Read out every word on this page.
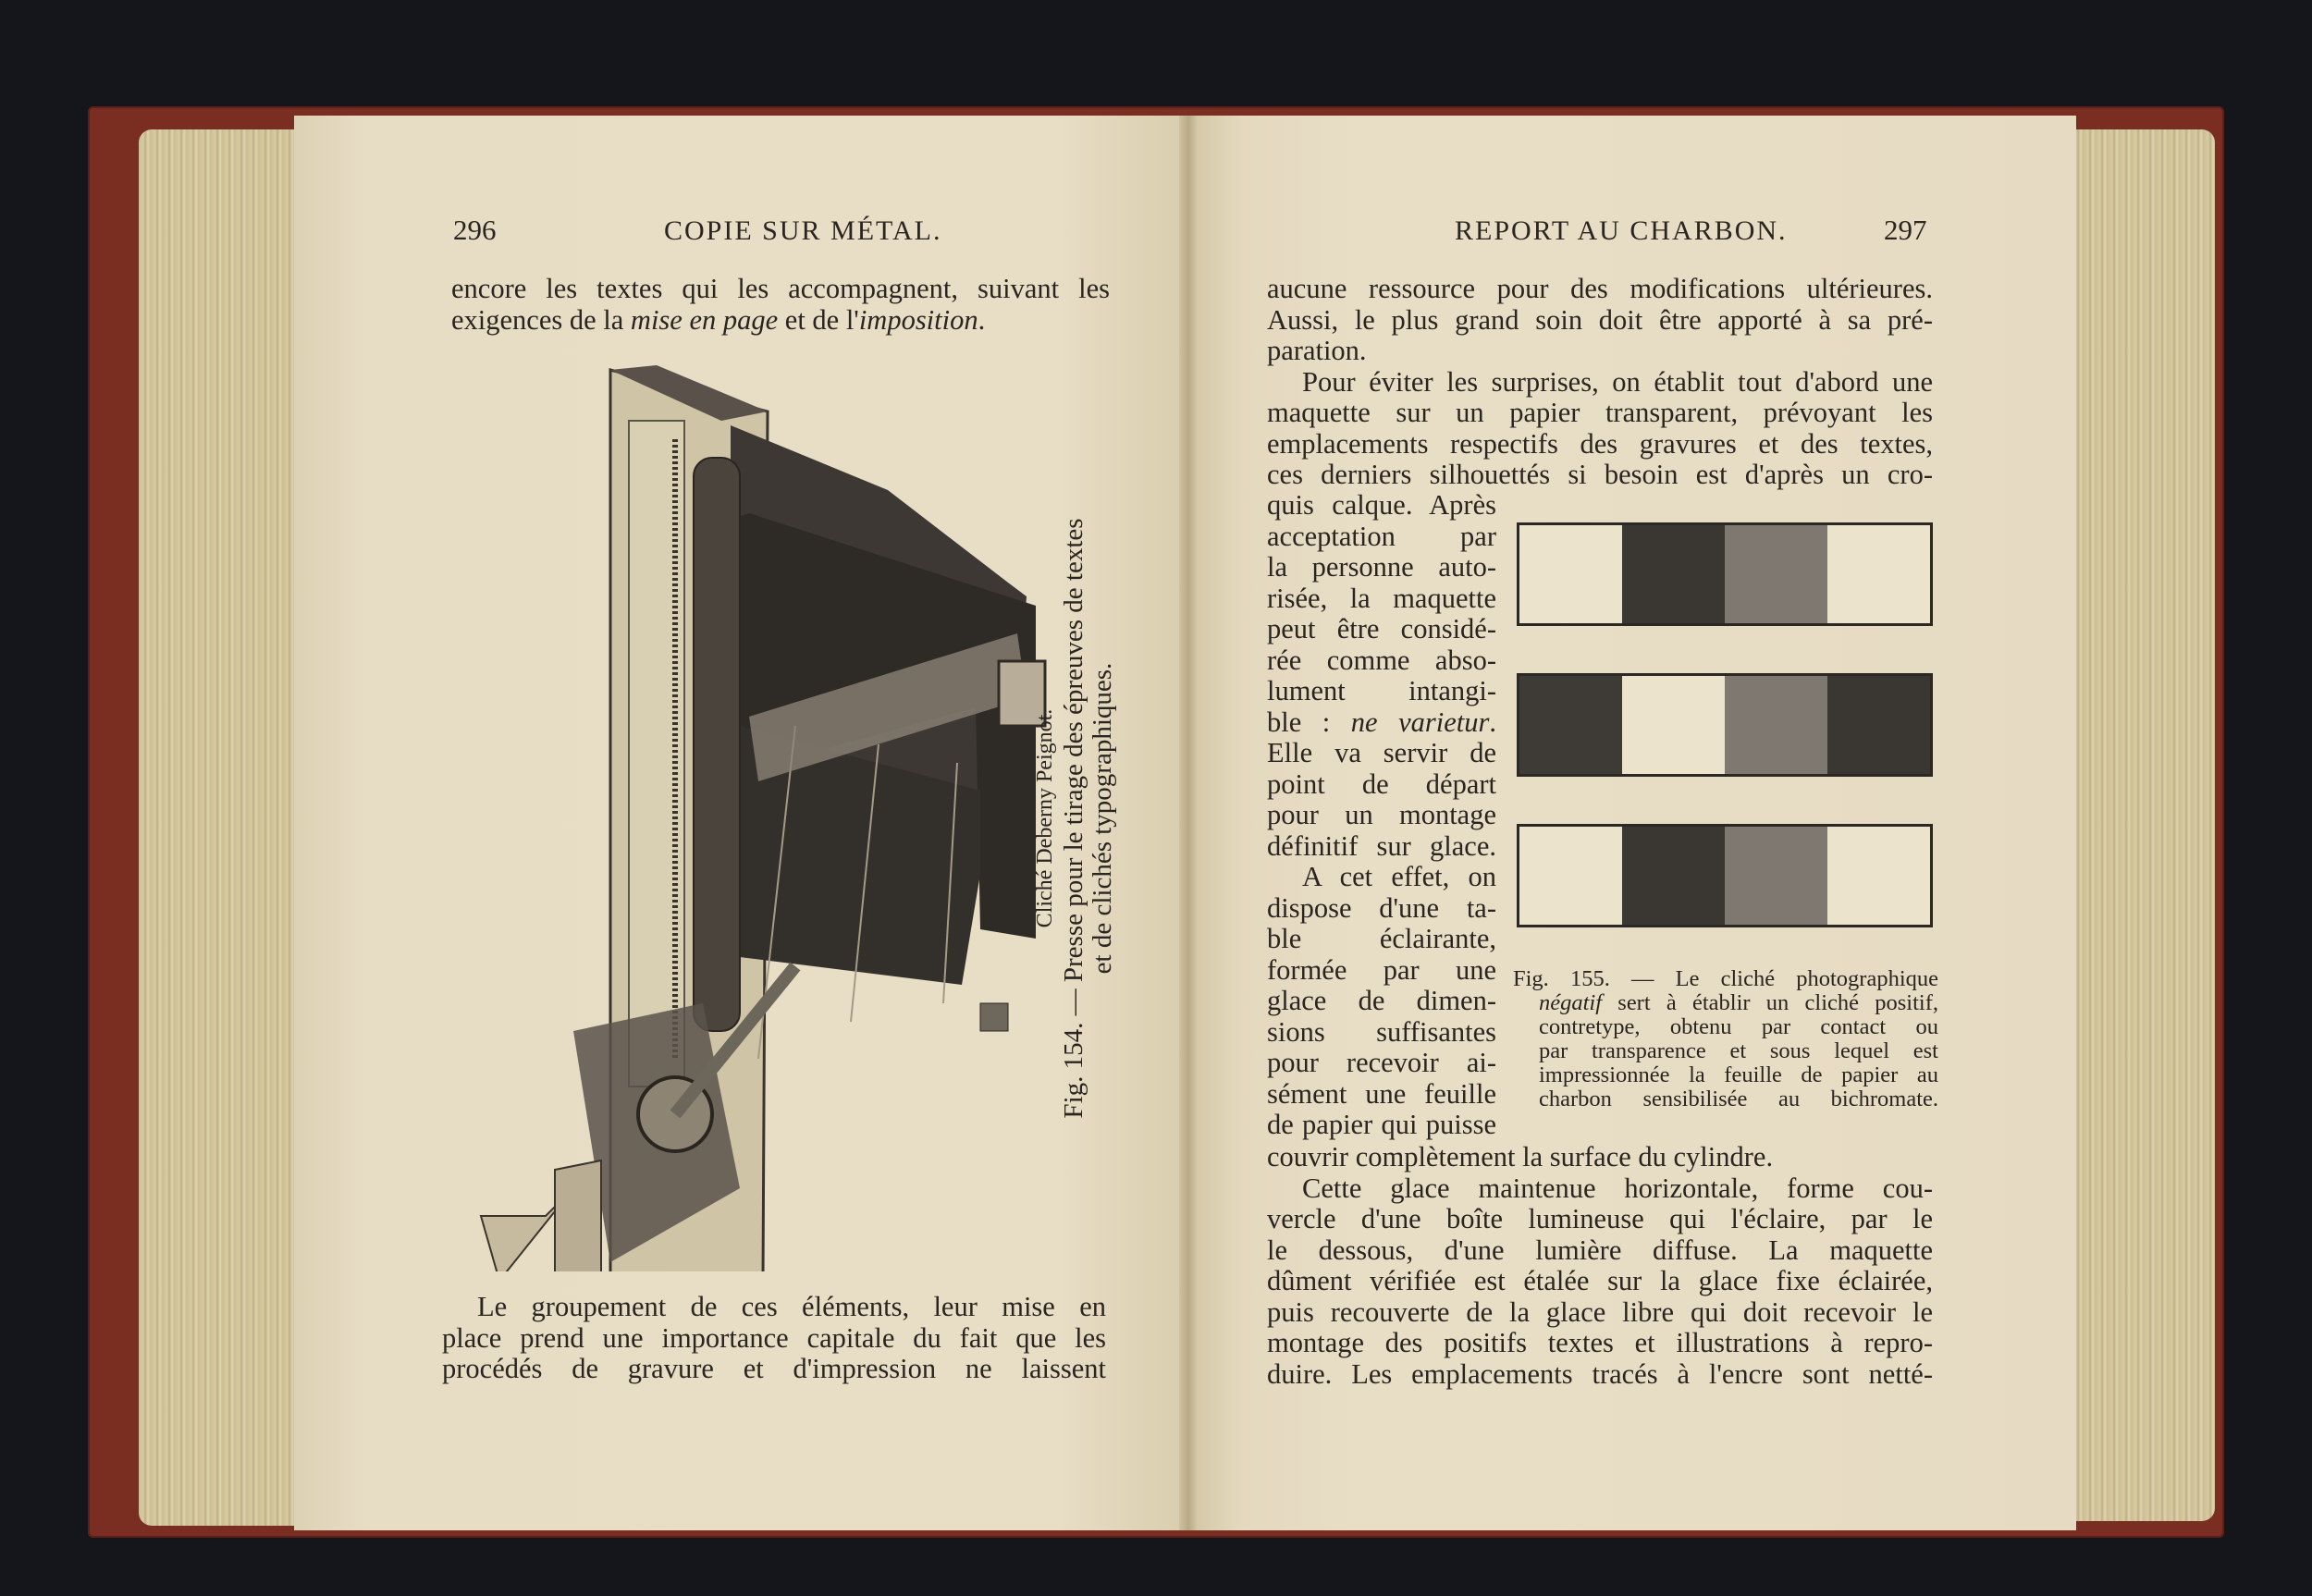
296	COPIE SUR MÉTAL.
encore les textes qui les accompagnent, suivant les
exigences de la mise en page et de l'imposition.
Cliché Deberny Peignot. Fig. 154. — Presse pour le tirage des épreuves de textes et de clichés typographiques.
Le groupement de ces éléments, leur mise en
place prend une importance capitale du fait que les
procédés de gravure et d'impression ne laissent
REPORT AU CHARBON.	297
aucune ressource pour des modifications ultérieures.
Aussi, le plus grand soin doit être apporté à sa pré-
paration.
Pour éviter les surprises, on établit tout d'abord une
maquette sur un papier transparent, prévoyant les
emplacements respectifs des gravures et des textes,
ces derniers silhouettés si besoin est d'après un cro-
quis calque. Après
acceptation par
la personne auto-
risée, la maquette
peut être considé-
rée comme abso-
lument intangi-
ble : ne varietur.
Elle va servir de
point de départ
pour un montage
définitif sur glace.
A cet effet, on
dispose d'une ta-
ble éclairante,
formée par une
glace de dimen-
sions suffisantes
pour recevoir ai-
sément une feuille
de papier qui puisse
Fig. 155. — Le cliché photographique
négatif sert à établir un cliché positif,
contretype, obtenu par contact ou
par transparence et sous lequel est
impressionnée la feuille de papier au
charbon sensibilisée au bichromate.
couvrir complètement la surface du cylindre.
Cette glace maintenue horizontale, forme cou-
vercle d'une boîte lumineuse qui l'éclaire, par le
le dessous, d'une lumière diffuse. La maquette
dûment vérifiée est étalée sur la glace fixe éclairée,
puis recouverte de la glace libre qui doit recevoir le
montage des positifs textes et illustrations à repro-
duire. Les emplacements tracés à l'encre sont netté-
